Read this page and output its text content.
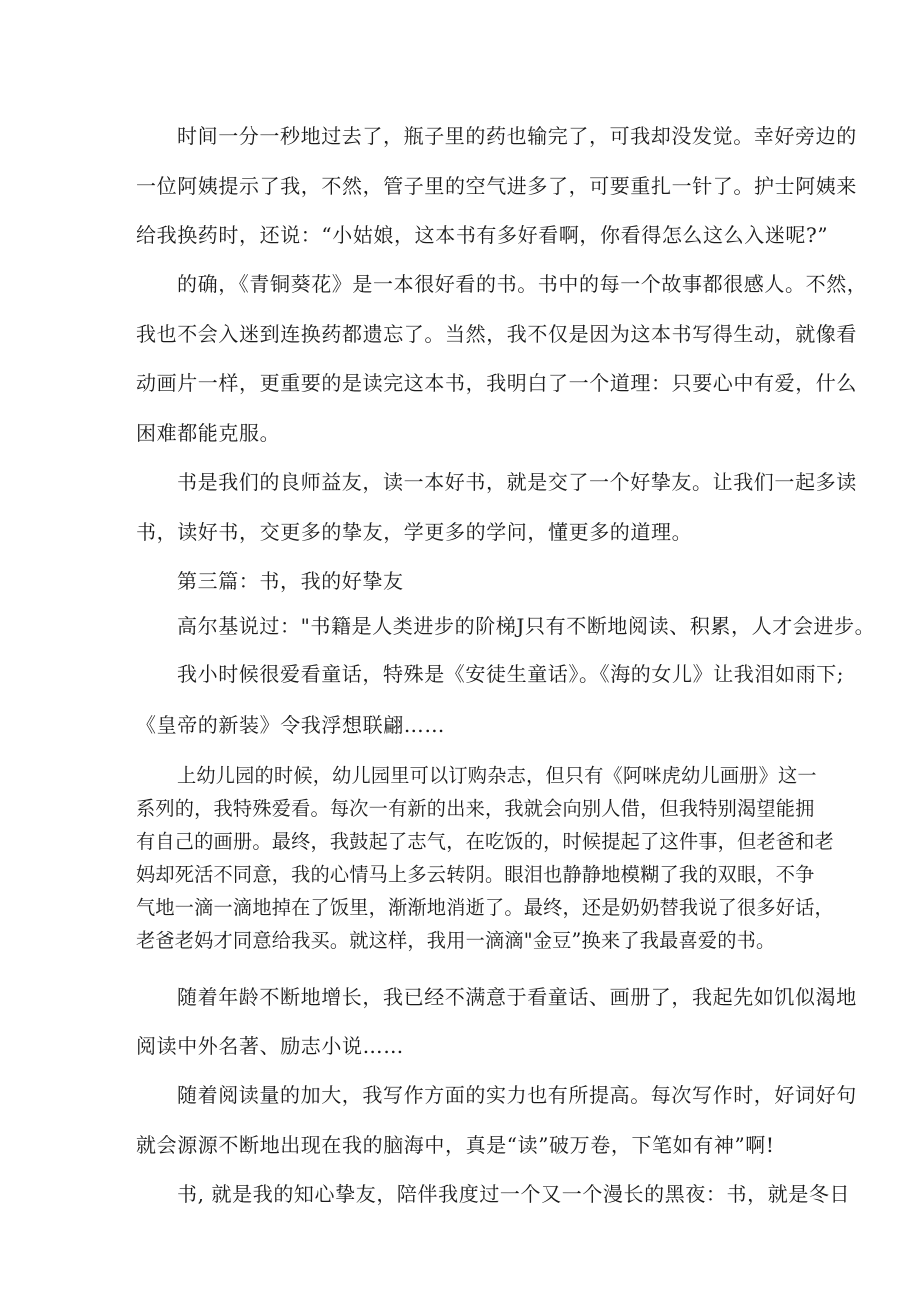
时间一分一秒地过去了，瓶子里的药也输完了，可我却没发觉。幸好旁边的

一位阿姨提示了我，不然，管子里的空气进多了，可要重扎一针了。护士阿姨来

给我换药时，还说：“小姑娘，这本书有多好看啊，你看得怎么这么入迷呢?”

的确，《青铜葵花》是一本很好看的书。书中的每一个故事都很感人。不然，

我也不会入迷到连换药都遗忘了。当然，我不仅是因为这本书写得生动，就像看

动画片一样，更重要的是读完这本书，我明白了一个道理：只要心中有爱，什么

困难都能克服。

书是我们的良师益友，读一本好书，就是交了一个好挚友。让我们一起多读

书，读好书，交更多的挚友，学更多的学问，懂更多的道理。

第三篇：书，我的好挚友

高尔基说过："书籍是人类进步的阶梯J只有不断地阅读、积累，人才会进步。

我小时候很爱看童话，特殊是《安徒生童话》。《海的女儿》让我泪如雨下;

《皇帝的新装》令我浮想联翩……

上幼儿园的时候，幼儿园里可以订购杂志，但只有《阿咪虎幼儿画册》这一

系列的，我特殊爱看。每次一有新的出来，我就会向别人借，但我特别渴望能拥

有自己的画册。最终，我鼓起了志气，在吃饭的，时候提起了这件事，但老爸和老

妈却死活不同意，我的心情马上多云转阴。眼泪也静静地模糊了我的双眼，不争

气地一滴一滴地掉在了饭里，渐渐地消逝了。最终，还是奶奶替我说了很多好话，

老爸老妈才同意给我买。就这样，我用一滴滴"金豆”换来了我最喜爱的书。

随着年龄不断地增长，我已经不满意于看童话、画册了，我起先如饥似渴地

阅读中外名著、励志小说……

随着阅读量的加大，我写作方面的实力也有所提高。每次写作时，好词好句

就会源源不断地出现在我的脑海中，真是“读”破万卷，下笔如有神”啊!

书, 就是我的知心挚友，陪伴我度过一个又一个漫长的黑夜：书，就是冬日
